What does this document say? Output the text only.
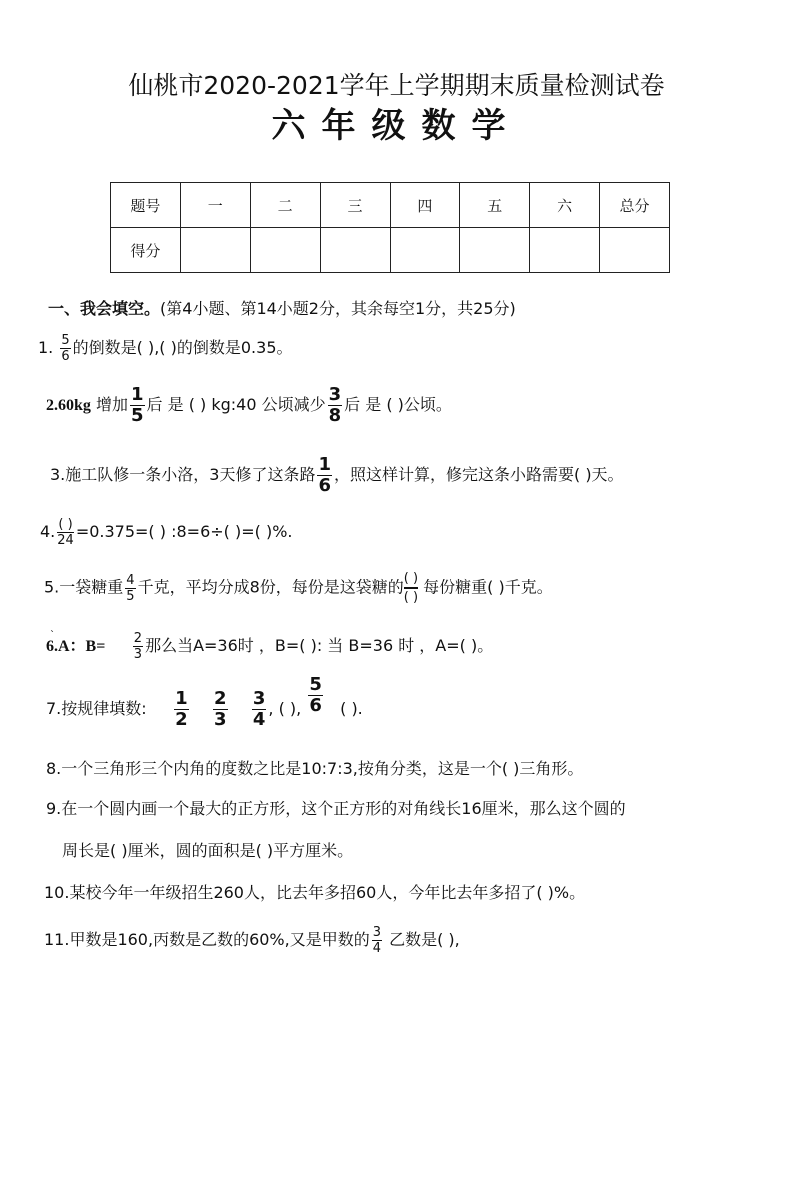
仙桃市2020-2021学年上学期期末质量检测试卷
六年级数学
题号	一	二	三	四	五	六	总分
得分							
一、我会填空。(第4小题、第14小题2分，其余每空1分，共25分)
1. $\frac{5}{6}$ 的倒数是( ),( )的倒数是0.35。
2.60kg 增加 $\frac{1}{5}$ 后 是 ( ) kg:40 公顷减少 $\frac{3}{8}$ 后 是 ( )公顷。
3.施工队修一条小洛，3天修了这条路 $\frac{1}{6}$ ，照这样计算，修完这条小路需要( )天。
4. $\frac{( )}{24} =0.375=$( ) :8=6÷( )=( )%.
5.一袋糖重 $\frac{4}{5}$ 千克，平均分成8份，每份是这袋糖的 ( )
( )
每份糖重( )千克。
`
6.A：$B= \frac{2}{3}$ 那么当A=36时 ，B=( ): 当 B=36 时 ，A=( )。
7.按规律填数: $\frac{1}{2}$
$\frac{2}{3}$
$\frac{3}{4}$ , ( ), $\frac{5}{6}$ ( ).
8.一个三角形三个内角的度数之比是10:7:3,按角分类，这是一个( )三角形。
9.在一个圆内画一个最大的正方形，这个正方形的对角线长16厘米，那么这个圆的
周长是( )厘米，圆的面积是( )平方厘米。
10.某校今年一年级招生260人，比去年多招60人，今年比去年多招了( )%。
11.甲数是160,丙数是乙数的60%,又是甲数的 $\frac{3}{4}$ 乙数是( ),
